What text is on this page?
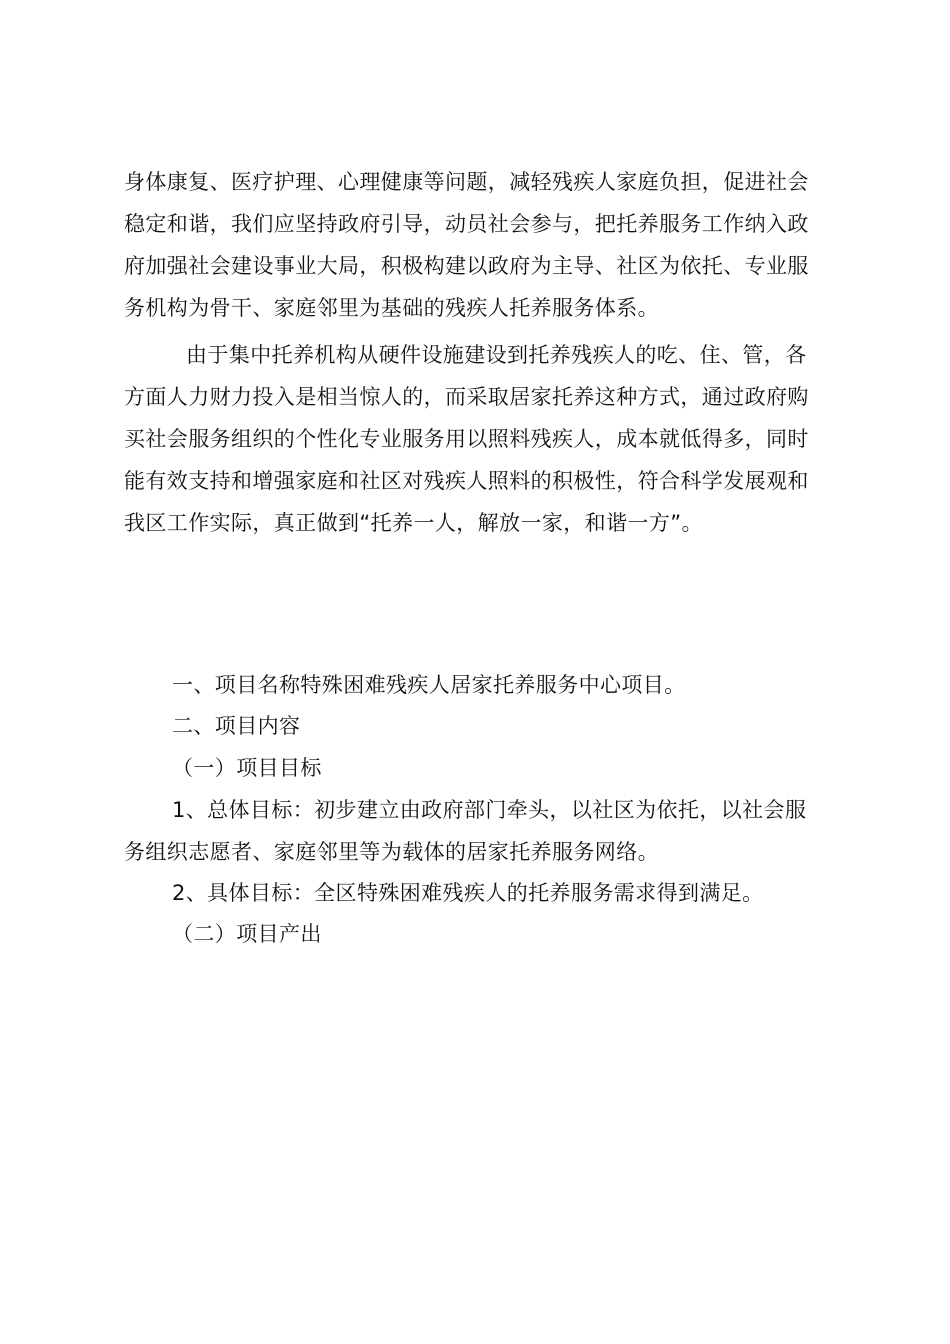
身体康复、医疗护理、心理健康等问题，减轻残疾人家庭负担，促进社会
稳定和谐，我们应坚持政府引导，动员社会参与，把托养服务工作纳入政
府加强社会建设事业大局，积极构建以政府为主导、社区为依托、专业服
务机构为骨干、家庭邻里为基础的残疾人托养服务体系。
由于集中托养机构从硬件设施建设到托养残疾人的吃、住、管，各
方面人力财力投入是相当惊人的，而采取居家托养这种方式，通过政府购
买社会服务组织的个性化专业服务用以照料残疾人，成本就低得多，同时
能有效支持和增强家庭和社区对残疾人照料的积极性，符合科学发展观和
我区工作实际，真正做到“托养一人，解放一家，和谐一方”。
一、项目名称特殊困难残疾人居家托养服务中心项目。
二、项目内容
（一）项目目标
1、总体目标：初步建立由政府部门牵头，以社区为依托，以社会服
务组织志愿者、家庭邻里等为载体的居家托养服务网络。
2、具体目标：全区特殊困难残疾人的托养服务需求得到满足。
（二）项目产出
